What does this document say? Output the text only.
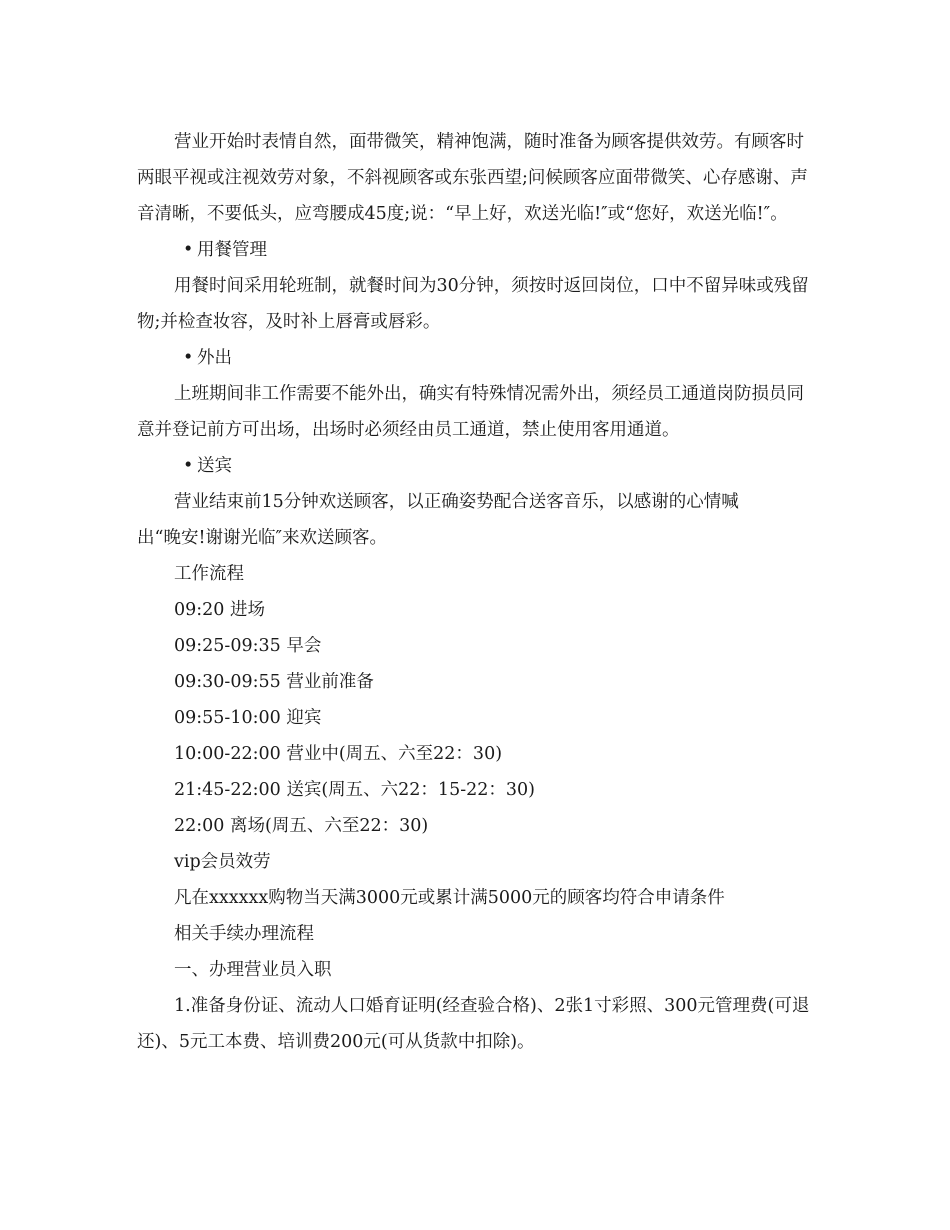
营业开始时表情自然，面带微笑，精神饱满，随时准备为顾客提供效劳。有顾客时两眼平视或注视效劳对象，不斜视顾客或东张西望;问候顾客应面带微笑、心存感谢、声音清晰，不要低头，应弯腰成45度;说：“早上好，欢送光临!″或“您好，欢送光临!″。

• 用餐管理

用餐时间采用轮班制，就餐时间为30分钟，须按时返回岗位，口中不留异味或残留物;并检查妆容，及时补上唇膏或唇彩。

• 外出

上班期间非工作需要不能外出，确实有特殊情况需外出，须经员工通道岗防损员同意并登记前方可出场，出场时必须经由员工通道，禁止使用客用通道。

• 送宾

营业结束前15分钟欢送顾客，以正确姿势配合送客音乐，以感谢的心情喊

出“晚安!谢谢光临″来欢送顾客。

工作流程

09:20 进场

09:25-09:35 早会

09:30-09:55 营业前准备

09:55-10:00 迎宾

10:00-22:00 营业中(周五、六至22：30)

21:45-22:00 送宾(周五、六22：15-22：30)

22:00 离场(周五、六至22：30)

vip会员效劳

凡在xxxxxx购物当天满3000元或累计满5000元的顾客均符合申请条件

相关手续办理流程

一、办理营业员入职

1.准备身份证、流动人口婚育证明(经查验合格)、2张1寸彩照、300元管理费(可退还)、5元工本费、培训费200元(可从货款中扣除)。
